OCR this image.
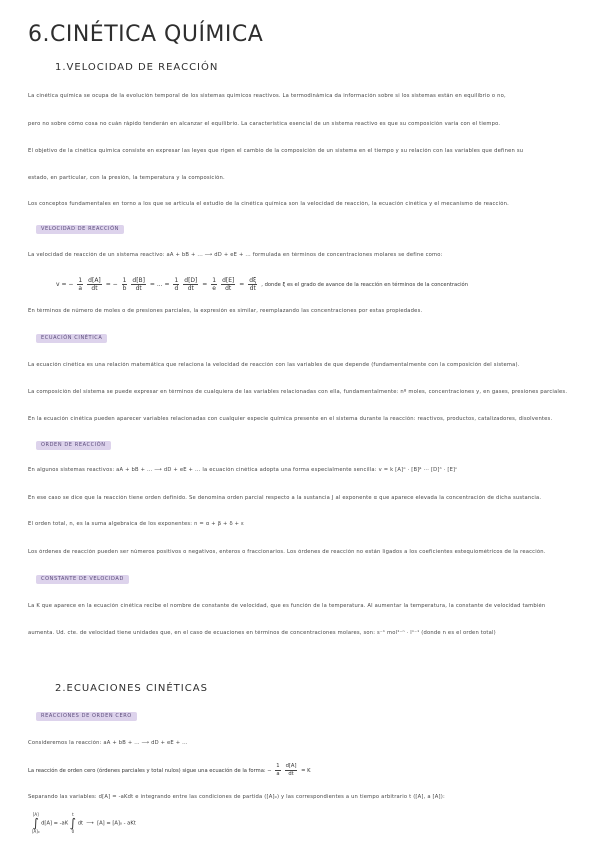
6.CINÉTICA QUÍMICA
1.VELOCIDAD DE REACCIÓN
La cinética química se ocupa de la evolución temporal de los sistemas químicos reactivos. La termodinámica da información sobre si los sistemas están en equilibrio o no,
pero no sobre cómo cosa no cuán rápido tenderán en alcanzar el equilibrio. La característica esencial de un sistema reactivo es que su composición varía con el tiempo.
El objetivo de la cinética química consiste en expresar las leyes que rigen el cambio de la composición de un sistema en el tiempo y su relación con las variables que definen su
estado, en particular, con la presión, la temperatura y la composición.
Los conceptos fundamentales en torno a los que se articula el estudio de la cinética química son la velocidad de reacción, la ecuación cinética y el mecanismo de reacción.
VELOCIDAD DE REACCIÓN
La velocidad de reacción de un sistema reactivo: aA + bB + ... ⟶ dD + eE + ... formulada en términos de concentraciones molares se define como:
v = − $\frac{1}{a} \frac{d[A]}{dt}$ = − $\frac{1}{b} \frac{d[B]}{dt}$ = ... = $\frac{1}{d} \frac{d[D]}{dt} = \frac{1}{e} \frac{d[E]}{dt} = \frac{d\xi}{dt}$ , donde ξ es el grado de avance de la reacción en términos de la concentración
En términos de número de moles o de presiones parciales, la expresión es similar, reemplazando las concentraciones por estas propiedades.
ECUACIÓN CINÉTICA
La ecuación cinética es una relación matemática que relaciona la velocidad de reacción con las variables de que depende (fundamentalmente con la composición del sistema).
La composición del sistema se puede expresar en términos de cualquiera de las variables relacionadas con ella, fundamentalmente: nº moles, concentraciones y, en gases, presiones parciales.
En la ecuación cinética pueden aparecer variables relacionadas con cualquier especie química presente en el sistema durante la reacción: reactivos, productos, catalizadores, disolventes.
ORDEN DE REACCIÓN
En algunos sistemas reactivos: aA + bB + ... ⟶ dD + eE + ... la ecuación cinética adopta una forma especialmente sencilla: v = k [A]ᵅ · [B]ᵝ ··· [D]ᵟ · [E]ᵋ
En ese caso se dice que la reacción tiene orden definido. Se denomina orden parcial respecto a la sustancia J al exponente α que aparece elevada la concentración de dicha sustancia.
El orden total, n, es la suma algebraica de los exponentes: n = α + β + δ + ε
Los órdenes de reacción pueden ser números positivos o negativos, enteros o fraccionarios. Los órdenes de reacción no están ligados a los coeficientes estequiométricos de la reacción.
CONSTANTE DE VELOCIDAD
La K que aparece en la ecuación cinética recibe el nombre de constante de velocidad, que es función de la temperatura. Al aumentar la temperatura, la constante de velocidad también
aumenta. Ud. cte. de velocidad tiene unidades que, en el caso de ecuaciones en términos de concentraciones molares, son: s⁻¹ mol¹⁻ⁿ · lⁿ⁻¹ (donde n es el orden total)
2.ECUACIONES CINÉTICAS
REACCIONES DE ORDEN CERO
Consideremos la reacción: aA + bB + ... ⟶ dD + eE + ...
La reacción de orden cero (órdenes parciales y total nulos) sigue una ecuación de la forma: − $\frac{1}{a} \frac{d[A]}{dt} = K$
Separando las variables: d[A] = -aKdt e integrando entre las condiciones de partida ([A]₀) y las correspondientes a un tiempo arbitrario t ([A], a [A]):
[A]
∫
[A]₀
d[A] = -aK
t
∫
0
dt  ⟶  [A] = [A]₀ - aKt
